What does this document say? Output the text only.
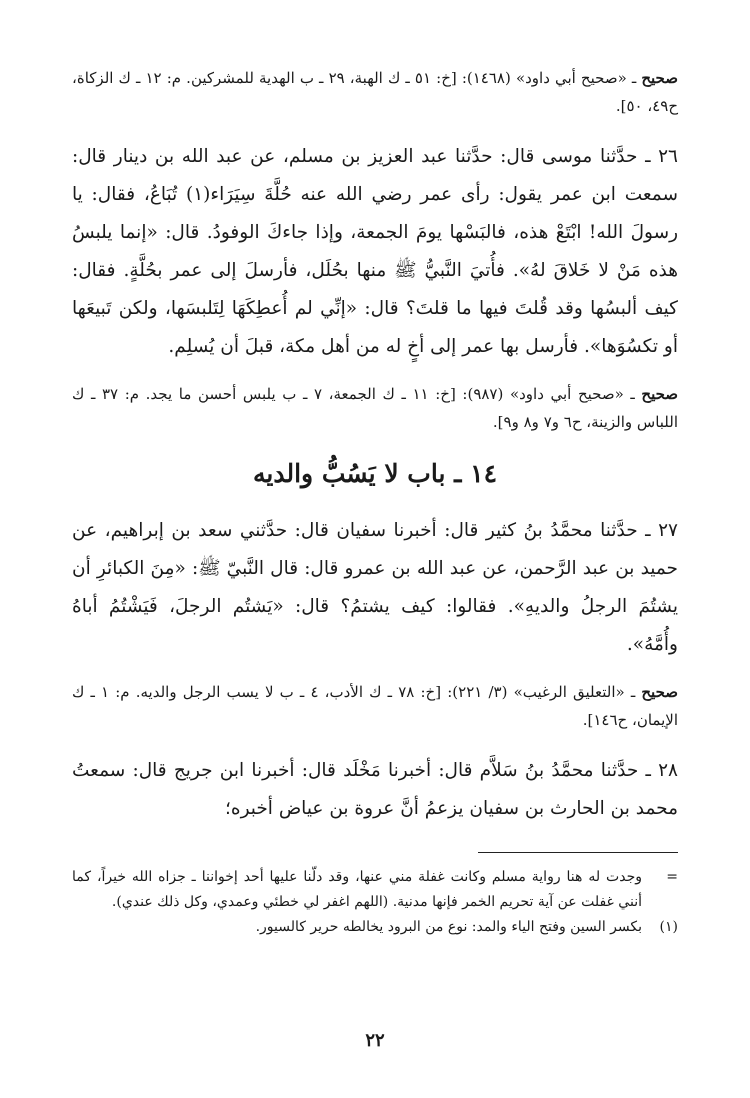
صحيح ـ «صحيح أبي داود» (١٤٦٨): [خ: ٥١ ـ ك الهبة، ٢٩ ـ ب الهدية للمشركين. م: ١٢ ـ ك الزكاة، ح٤٩، ٥٠].

٢٦ ـ حدَّثنا موسى قال: حدَّثنا عبد العزيز بن مسلم، عن عبد الله بن دينار قال: سمعت ابن عمر يقول: رأى عمر رضي الله عنه حُلَّةَ سِيَرَاء(١) تُبَاعُ، فقال: يا رسولَ الله! ابْتَعْ هذه، فالبَسْها يومَ الجمعة، وإذا جاءكَ الوفودُ. قال: «إنما يلبسُ هذه مَنْ لا خَلاقَ لهُ». فأُتيَ النَّبيُّ ﷺ منها بحُلَل، فأرسلَ إلى عمر بحُلَّةٍ. فقال: كيف ألبسُها وقد قُلتَ فيها ما قلتَ؟ قال: «إنِّي لم أُعطِكَهَا لِتَلبسَها، ولكن تَبيعَها أو تكسُوَها». فأرسل بها عمر إلى أخٍ له من أهل مكة، قبلَ أن يُسلِم.

صحيح ـ «صحيح أبي داود» (٩٨٧): [خ: ١١ ـ ك الجمعة، ٧ ـ ب يلبس أحسن ما يجد. م: ٣٧ ـ ك اللباس والزينة، ح٦ و٧ و٨ و٩].

١٤ ـ باب لا يَسُبُّ والديه

٢٧ ـ حدَّثنا محمَّدُ بنُ كثير قال: أخبرنا سفيان قال: حدَّثني سعد بن إبراهيم، عن حميد بن عبد الرَّحمن، عن عبد الله بن عمرو قال: قال النَّبيّ ﷺ: «مِنَ الكبائرِ أن يشتُمَ الرجلُ والديهِ». فقالوا: كيف يشتمُ؟ قال: «يَشتُم الرجلَ، فَيَشْتُمُ أباهُ وأُمَّهُ».

صحيح ـ «التعليق الرغيب» (٣/ ٢٢١): [خ: ٧٨ ـ ك الأدب، ٤ ـ ب لا يسب الرجل والديه. م: ١ ـ ك الإيمان، ح١٤٦].

٢٨ ـ حدَّثنا محمَّدُ بنُ سَلاَّم قال: أخبرنا مَخْلَد قال: أخبرنا ابن جريج قال: سمعتُ محمد بن الحارث بن سفيان يزعمُ أنَّ عروة بن عياض أخبره؛

=
وجدت له هنا رواية مسلم وكانت غفلة مني عنها، وقد دلّنا عليها أحد إخواننا ـ جزاه الله خيراً، كما أنني غفلت عن آية تحريم الخمر فإنها مدنية. (اللهم اغفر لي خطئي وعمدي، وكل ذلك عندي).
(١)
بكسر السين وفتح الياء والمد: نوع من البرود يخالطه حرير كالسيور.
٢٢
